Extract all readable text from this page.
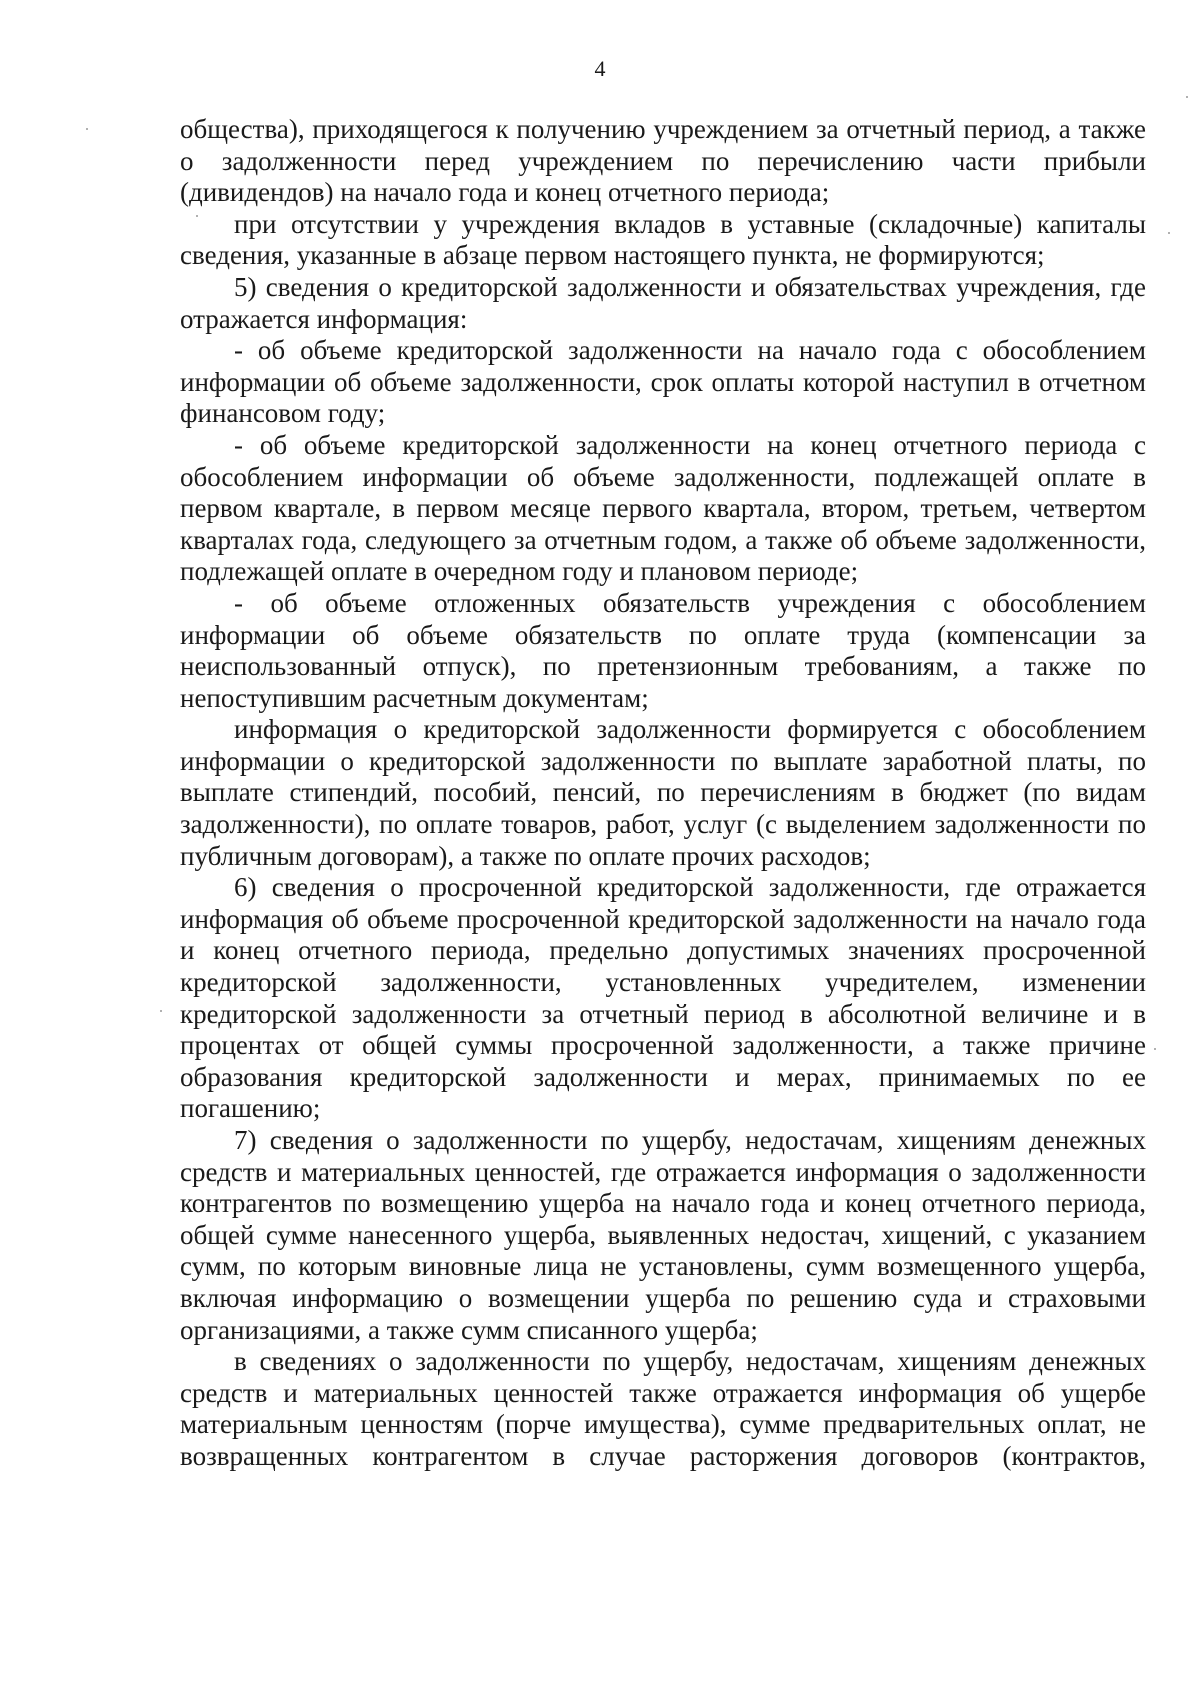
4

общества), приходящегося к получению учреждением за отчетный период, а также о задолженности перед учреждением по перечислению части прибыли (дивидендов) на начало года и конец отчетного периода;

при отсутствии у учреждения вкладов в уставные (складочные) капиталы сведения, указанные в абзаце первом настоящего пункта, не формируются;

5) сведения о кредиторской задолженности и обязательствах учреждения, где отражается информация:

- об объеме кредиторской задолженности на начало года с обособлением информации об объеме задолженности, срок оплаты которой наступил в отчетном финансовом году;

- об объеме кредиторской задолженности на конец отчетного периода с обособлением информации об объеме задолженности, подлежащей оплате в первом квартале, в первом месяце первого квартала, втором, третьем, четвертом кварталах года, следующего за отчетным годом, а также об объеме задолженности, подлежащей оплате в очередном году и плановом периоде;

- об объеме отложенных обязательств учреждения с обособлением информации об объеме обязательств по оплате труда (компенсации за неиспользованный отпуск), по претензионным требованиям, а также по непоступившим расчетным документам;

информация о кредиторской задолженности формируется с обособлением информации о кредиторской задолженности по выплате заработной платы, по выплате стипендий, пособий, пенсий, по перечислениям в бюджет (по видам задолженности), по оплате товаров, работ, услуг (с выделением задолженности по публичным договорам), а также по оплате прочих расходов;

6) сведения о просроченной кредиторской задолженности, где отражается информация об объеме просроченной кредиторской задолженности на начало года и конец отчетного периода, предельно допустимых значениях просроченной кредиторской задолженности, установленных учредителем, изменении кредиторской задолженности за отчетный период в абсолютной величине и в процентах от общей суммы просроченной задолженности, а также причине образования кредиторской задолженности и мерах, принимаемых по ее погашению;

7) сведения о задолженности по ущербу, недостачам, хищениям денежных средств и материальных ценностей, где отражается информация о задолженности контрагентов по возмещению ущерба на начало года и конец отчетного периода, общей сумме нанесенного ущерба, выявленных недостач, хищений, с указанием сумм, по которым виновные лица не установлены, сумм возмещенного ущерба, включая информацию о возмещении ущерба по решению суда и страховыми организациями, а также сумм списанного ущерба;

в сведениях о задолженности по ущербу, недостачам, хищениям денежных средств и материальных ценностей также отражается информация об ущербе материальным ценностям (порче имущества), сумме предварительных оплат, не возвращенных контрагентом в случае расторжения договоров (контрактов,
